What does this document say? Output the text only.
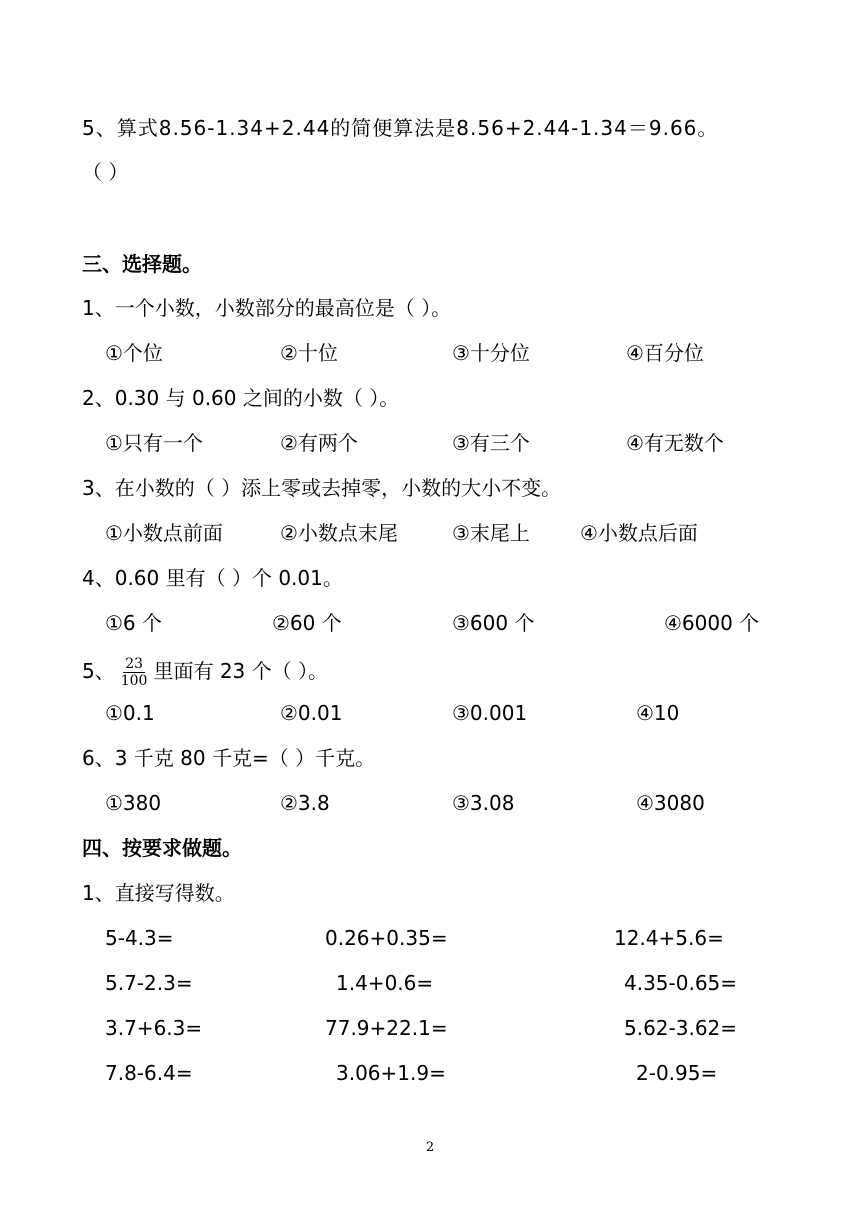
5、算式8.56-1.34+2.44的简便算法是8.56+2.44-1.34＝9.66。
（ ）
三、选择题。
1、一个小数，小数部分的最高位是（ ）。
①个位	②十位	③十分位	④百分位
2、0.30 与 0.60 之间的小数（ ）。
①只有一个	②有两个	③有三个	④有无数个
3、在小数的（ ）添上零或去掉零，小数的大小不变。
①小数点前面	②小数点末尾	③末尾上	④小数点后面
4、0.60 里有（ ）个 0.01。
①6 个	②60 个	③600 个	④6000 个
5、 $\frac{23}{100}$ 里面有 23 个（ ）。
①0.1	②0.01	③0.001	④10
6、3 千克 80 千克=（ ）千克。
①380	②3.8	③3.08	④3080
四、按要求做题。
1、直接写得数。
5-4.3=	0.26+0.35=	12.4+5.6=
5.7-2.3=	1.4+0.6=	4.35-0.65=
3.7+6.3=	77.9+22.1=	5.62-3.62=
7.8-6.4=	3.06+1.9=	2-0.95=
2
